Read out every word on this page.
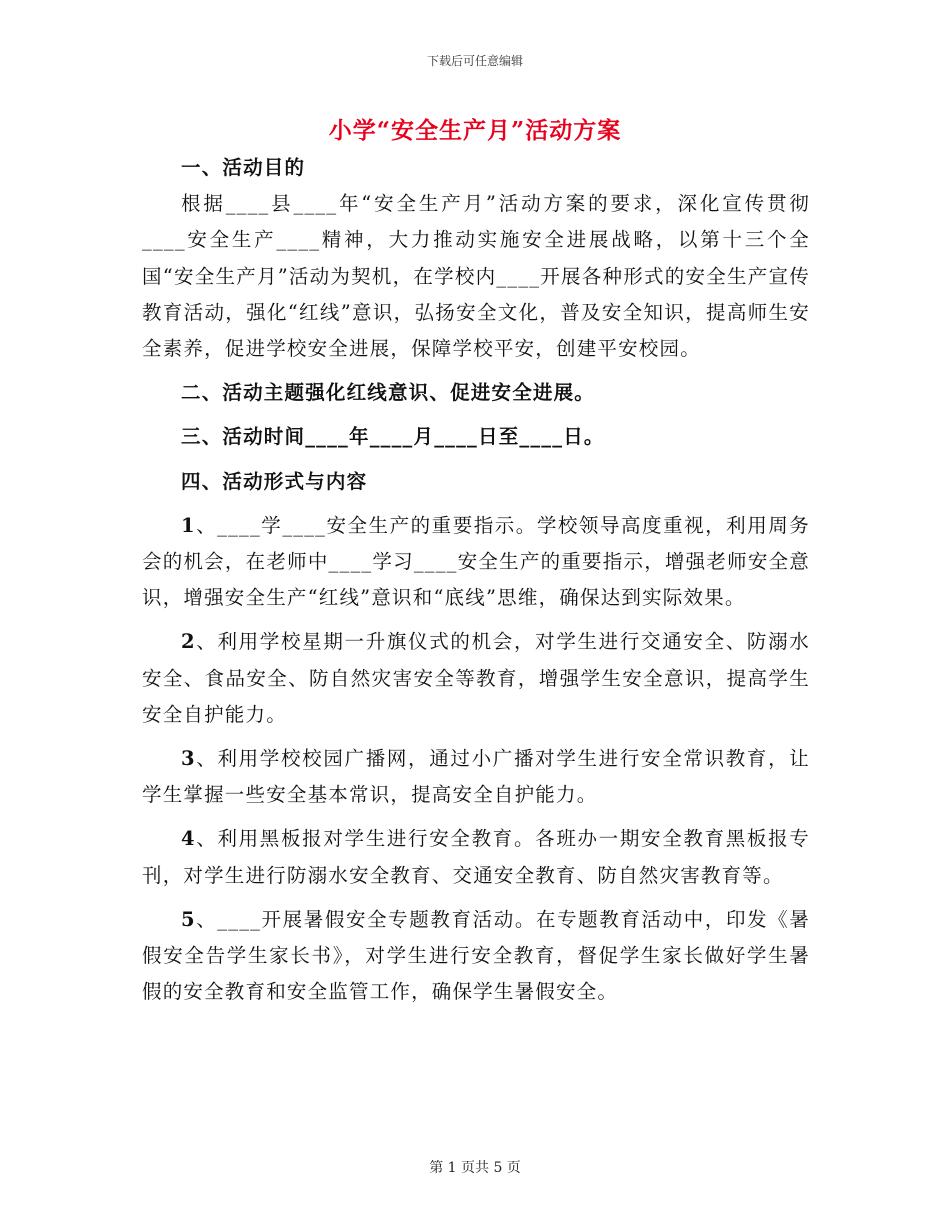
下载后可任意编辑
小学“安全生产月”活动方案

一、活动目的

根据____县____年“安全生产月”活动方案的要求，深化宣传贯彻____安全生产____精神，大力推动实施安全进展战略，以第十三个全国“安全生产月”活动为契机，在学校内____开展各种形式的安全生产宣传教育活动，强化“红线”意识，弘扬安全文化，普及安全知识，提高师生安全素养，促进学校安全进展，保障学校平安，创建平安校园。

二、活动主题强化红线意识、促进安全进展。

三、活动时间____年____月____日至____日。

四、活动形式与内容

1、____学____安全生产的重要指示。学校领导高度重视，利用周务会的机会，在老师中____学习____安全生产的重要指示，增强老师安全意识，增强安全生产“红线”意识和“底线”思维，确保达到实际效果。

2、利用学校星期一升旗仪式的机会，对学生进行交通安全、防溺水安全、食品安全、防自然灾害安全等教育，增强学生安全意识，提高学生安全自护能力。

3、利用学校校园广播网，通过小广播对学生进行安全常识教育，让学生掌握一些安全基本常识，提高安全自护能力。

4、利用黑板报对学生进行安全教育。各班办一期安全教育黑板报专刊，对学生进行防溺水安全教育、交通安全教育、防自然灾害教育等。

5、____开展暑假安全专题教育活动。在专题教育活动中，印发《暑假安全告学生家长书》，对学生进行安全教育，督促学生家长做好学生暑假的安全教育和安全监管工作，确保学生暑假安全。

第 1 页共 5 页
